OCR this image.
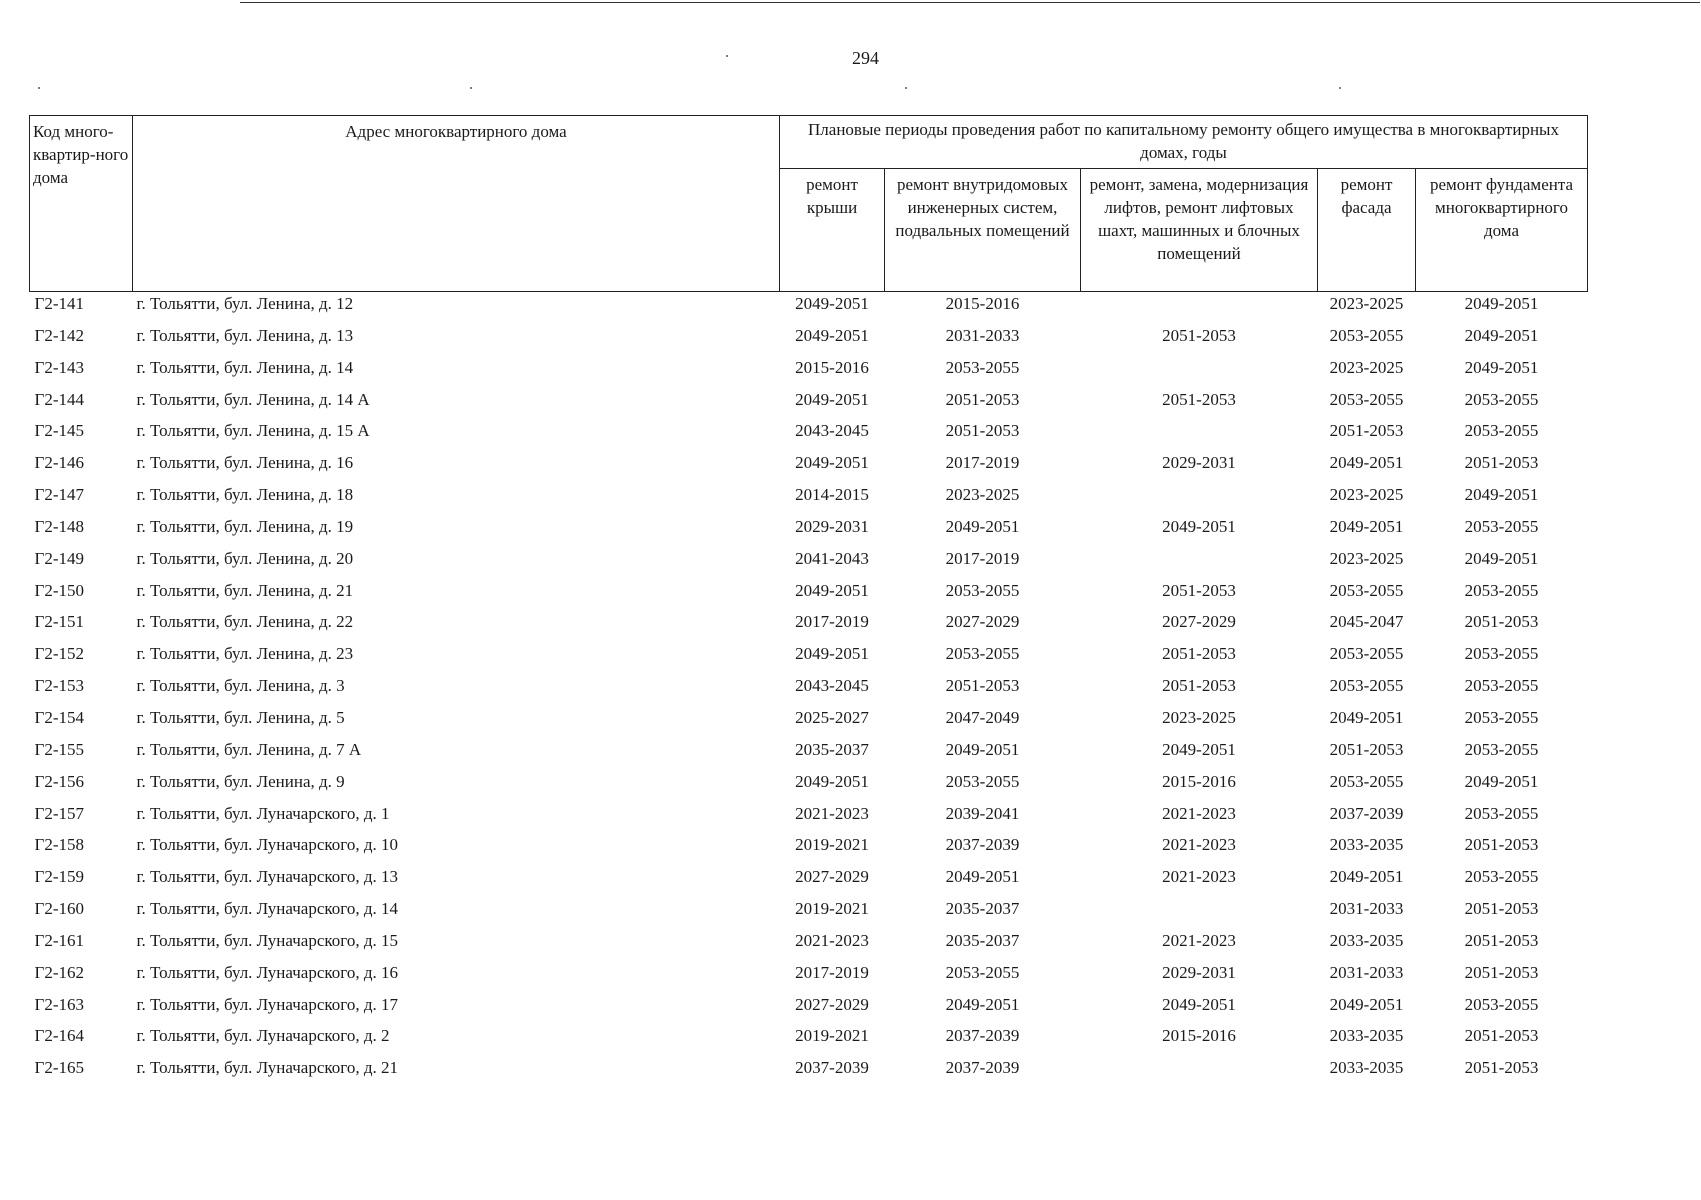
294
Код много-квартир-ного дома	Адрес многоквартирного дома	Плановые периоды проведения работ по капитальному ремонту общего имущества в многоквартирных домах, годы				
		ремонт крыши	ремонт внутридомовых инженерных систем, подвальных помещений	ремонт, замена, модернизация лифтов, ремонт лифтовых шахт, машинных и блочных помещений	ремонт фасада	ремонт фундамента многоквартирного дома
Г2-141	г. Тольятти, бул. Ленина, д. 12	2049-2051	2015-2016		2023-2025	2049-2051
Г2-142	г. Тольятти, бул. Ленина, д. 13	2049-2051	2031-2033	2051-2053	2053-2055	2049-2051
Г2-143	г. Тольятти, бул. Ленина, д. 14	2015-2016	2053-2055		2023-2025	2049-2051
Г2-144	г. Тольятти, бул. Ленина, д. 14 А	2049-2051	2051-2053	2051-2053	2053-2055	2053-2055
Г2-145	г. Тольятти, бул. Ленина, д. 15 А	2043-2045	2051-2053		2051-2053	2053-2055
Г2-146	г. Тольятти, бул. Ленина, д. 16	2049-2051	2017-2019	2029-2031	2049-2051	2051-2053
Г2-147	г. Тольятти, бул. Ленина, д. 18	2014-2015	2023-2025		2023-2025	2049-2051
Г2-148	г. Тольятти, бул. Ленина, д. 19	2029-2031	2049-2051	2049-2051	2049-2051	2053-2055
Г2-149	г. Тольятти, бул. Ленина, д. 20	2041-2043	2017-2019		2023-2025	2049-2051
Г2-150	г. Тольятти, бул. Ленина, д. 21	2049-2051	2053-2055	2051-2053	2053-2055	2053-2055
Г2-151	г. Тольятти, бул. Ленина, д. 22	2017-2019	2027-2029	2027-2029	2045-2047	2051-2053
Г2-152	г. Тольятти, бул. Ленина, д. 23	2049-2051	2053-2055	2051-2053	2053-2055	2053-2055
Г2-153	г. Тольятти, бул. Ленина, д. 3	2043-2045	2051-2053	2051-2053	2053-2055	2053-2055
Г2-154	г. Тольятти, бул. Ленина, д. 5	2025-2027	2047-2049	2023-2025	2049-2051	2053-2055
Г2-155	г. Тольятти, бул. Ленина, д. 7 А	2035-2037	2049-2051	2049-2051	2051-2053	2053-2055
Г2-156	г. Тольятти, бул. Ленина, д. 9	2049-2051	2053-2055	2015-2016	2053-2055	2049-2051
Г2-157	г. Тольятти, бул. Луначарского, д. 1	2021-2023	2039-2041	2021-2023	2037-2039	2053-2055
Г2-158	г. Тольятти, бул. Луначарского, д. 10	2019-2021	2037-2039	2021-2023	2033-2035	2051-2053
Г2-159	г. Тольятти, бул. Луначарского, д. 13	2027-2029	2049-2051	2021-2023	2049-2051	2053-2055
Г2-160	г. Тольятти, бул. Луначарского, д. 14	2019-2021	2035-2037		2031-2033	2051-2053
Г2-161	г. Тольятти, бул. Луначарского, д. 15	2021-2023	2035-2037	2021-2023	2033-2035	2051-2053
Г2-162	г. Тольятти, бул. Луначарского, д. 16	2017-2019	2053-2055	2029-2031	2031-2033	2051-2053
Г2-163	г. Тольятти, бул. Луначарского, д. 17	2027-2029	2049-2051	2049-2051	2049-2051	2053-2055
Г2-164	г. Тольятти, бул. Луначарского, д. 2	2019-2021	2037-2039	2015-2016	2033-2035	2051-2053
Г2-165	г. Тольятти, бул. Луначарского, д. 21	2037-2039	2037-2039		2033-2035	2051-2053
